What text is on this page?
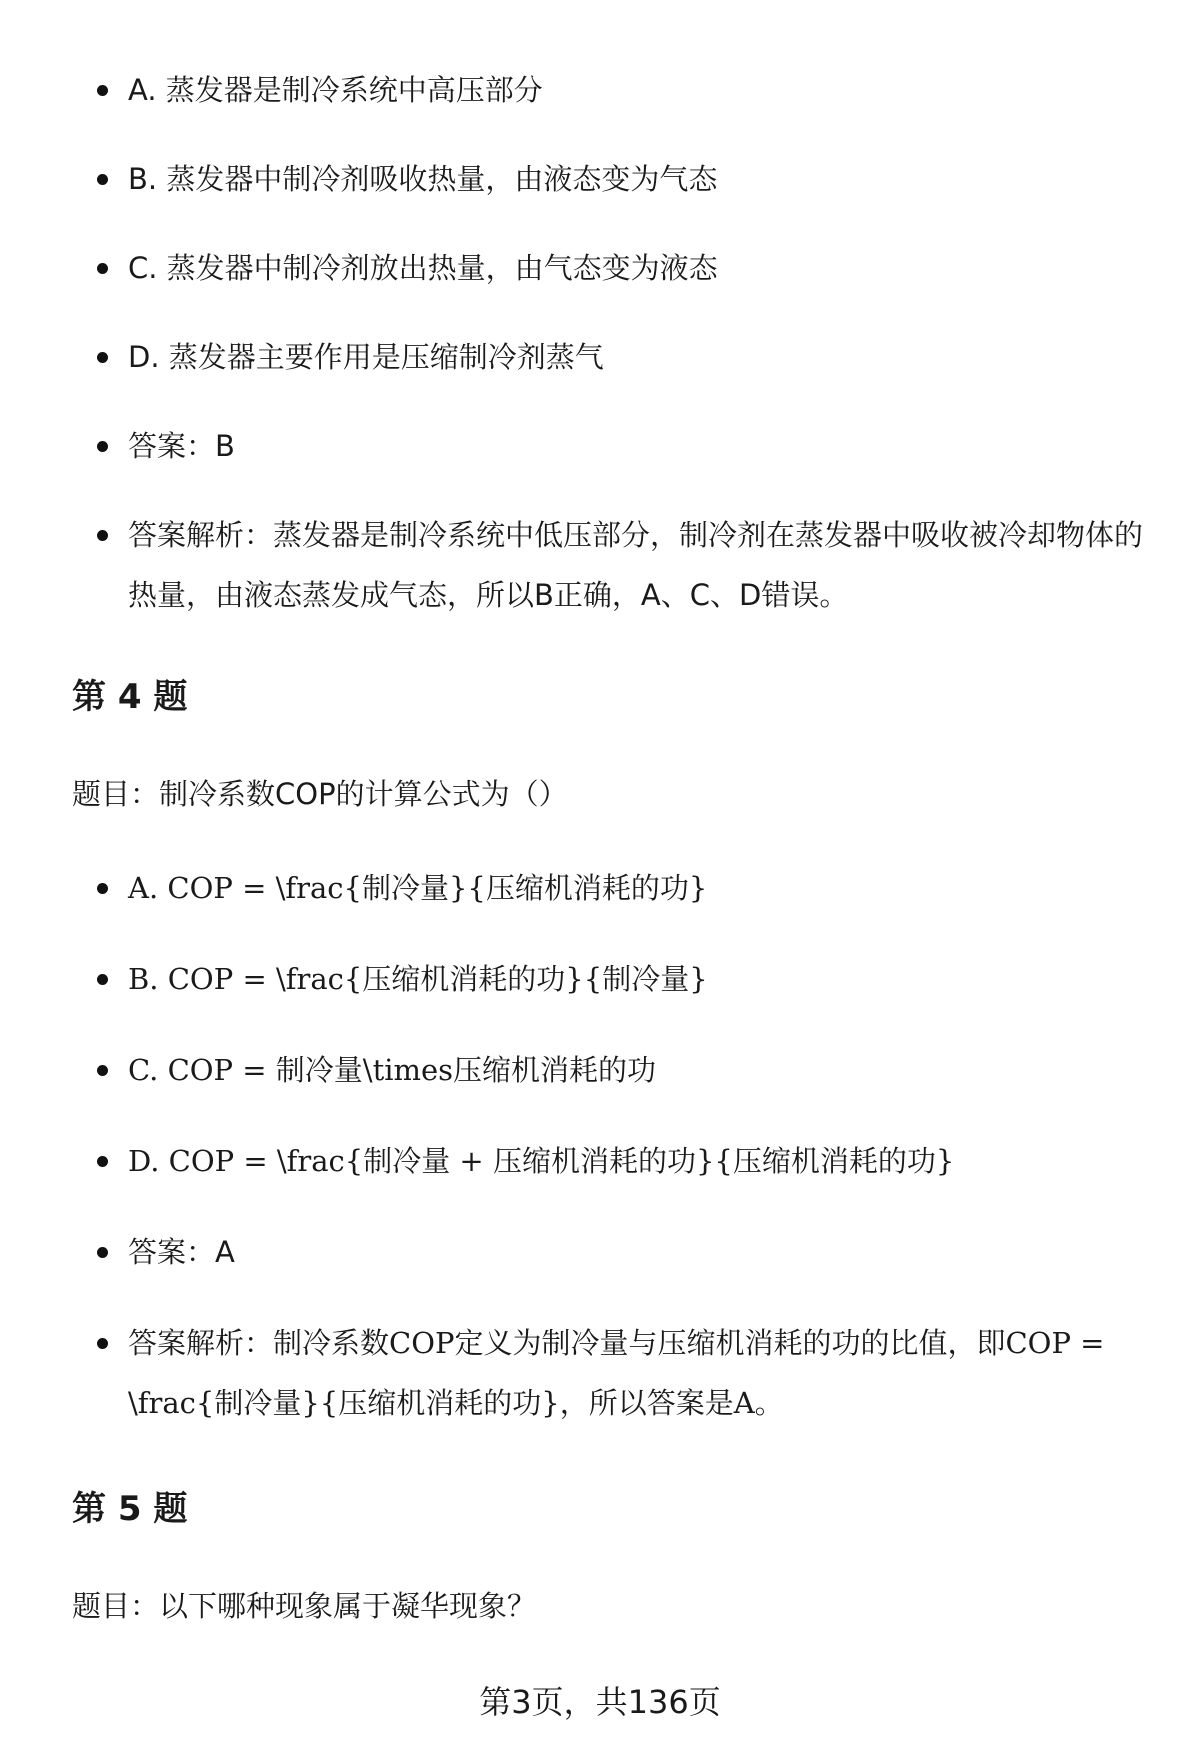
A. 蒸发器是制冷系统中高压部分
B. 蒸发器中制冷剂吸收热量，由液态变为气态
C. 蒸发器中制冷剂放出热量，由气态变为液态
D. 蒸发器主要作用是压缩制冷剂蒸气
答案：B
答案解析：蒸发器是制冷系统中低压部分，制冷剂在蒸发器中吸收被冷却物体的热量，由液态蒸发成气态，所以B正确，A、C、D错误。
第 4 题

题目：制冷系数COP的计算公式为（）

A. COP = \frac{制冷量}{压缩机消耗的功}
B. COP = \frac{压缩机消耗的功}{制冷量}
C. COP = 制冷量\times压缩机消耗的功
D. COP = \frac{制冷量 + 压缩机消耗的功}{压缩机消耗的功}
答案：A
答案解析：制冷系数COP定义为制冷量与压缩机消耗的功的比值，即COP = \frac{制冷量}{压缩机消耗的功}，所以答案是A。
第 5 题

题目：以下哪种现象属于凝华现象？

第3页，共136页
